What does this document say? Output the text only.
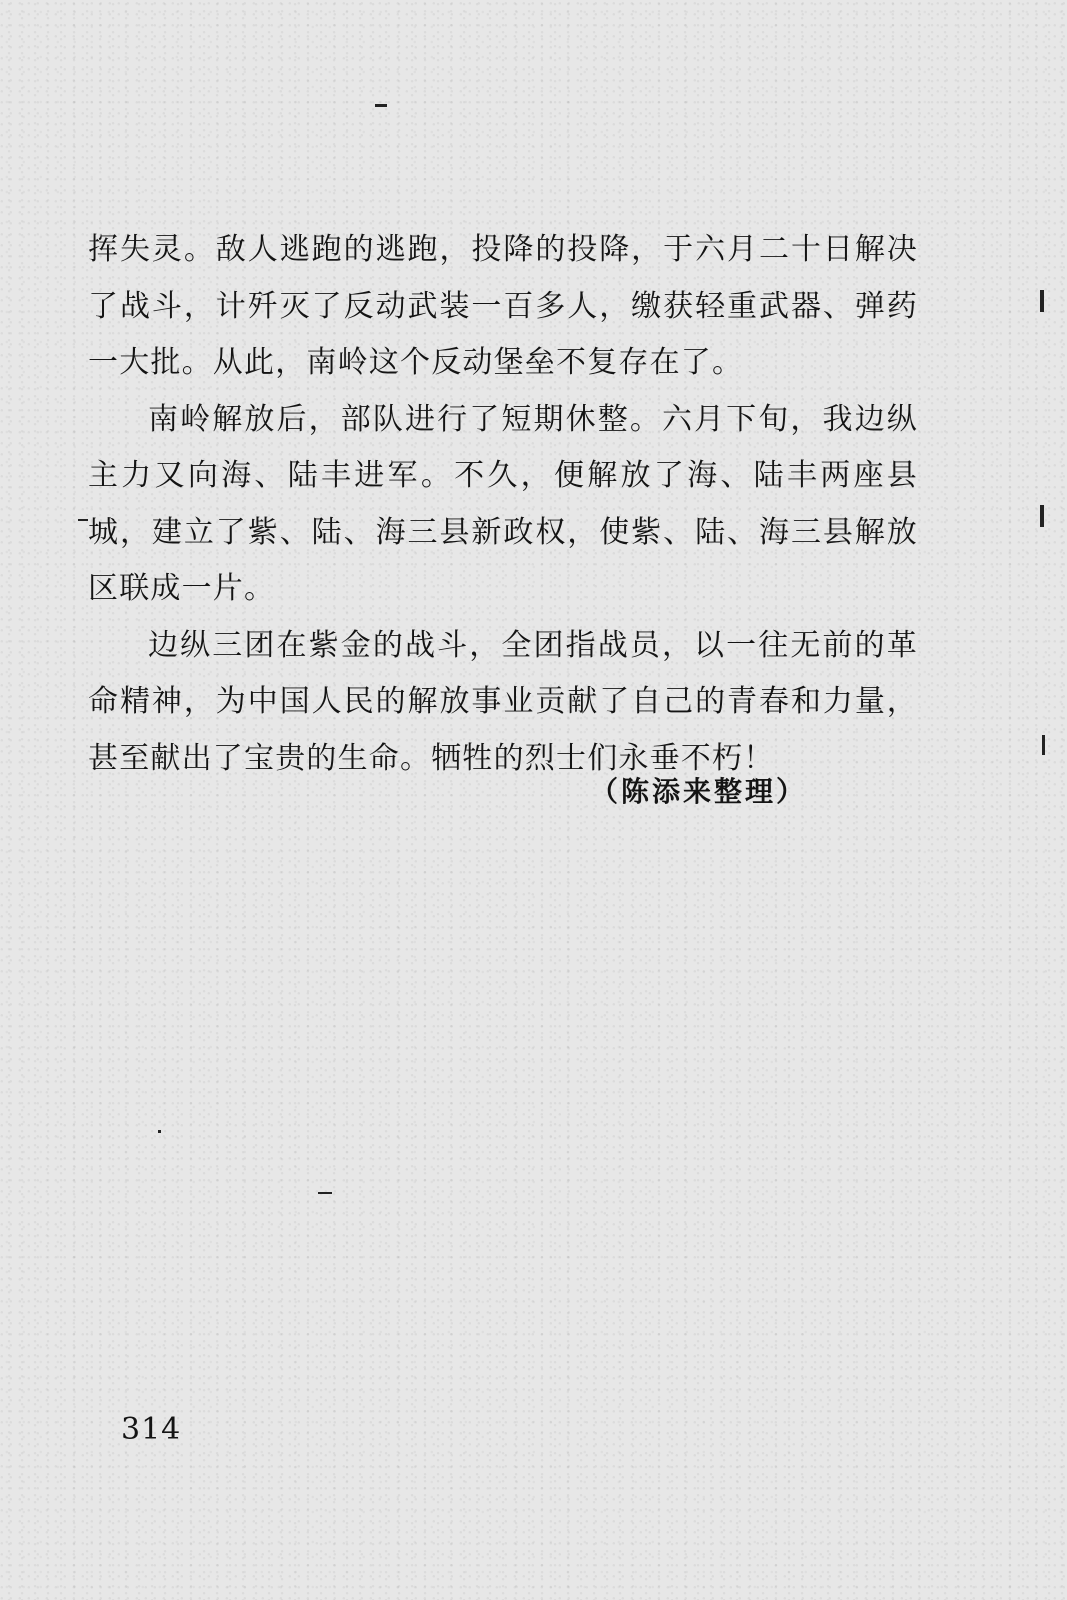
挥失灵。敌人逃跑的逃跑，投降的投降，于六月二十日解决了战斗，计歼灭了反动武装一百多人，缴获轻重武器、弹药一大批。从此，南岭这个反动堡垒不复存在了。

南岭解放后，部队进行了短期休整。六月下旬，我边纵主力又向海、陆丰进军。不久，便解放了海、陆丰两座县城，建立了紫、陆、海三县新政权，使紫、陆、海三县解放区联成一片。

边纵三团在紫金的战斗，全团指战员，以一往无前的革命精神，为中国人民的解放事业贡献了自己的青春和力量，甚至献出了宝贵的生命。牺牲的烈士们永垂不朽！

（陈添来整理）
314
